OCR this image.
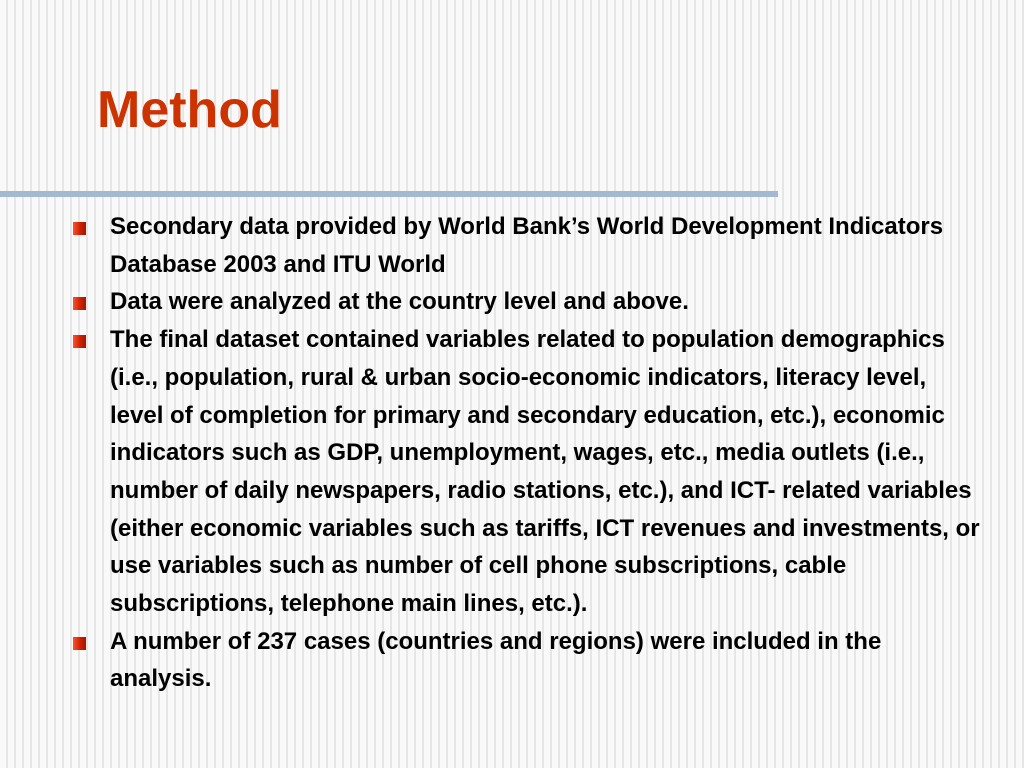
Method
Secondary data provided by World Bank’s World Development Indicators Database 2003 and ITU World
Data were analyzed at the country level and above.
The final dataset contained variables related to population demographics (i.e., population, rural & urban socio-economic indicators, literacy level, level of completion for primary and secondary education, etc.), economic indicators such as GDP, unemployment, wages, etc., media outlets (i.e., number of daily newspapers, radio stations, etc.), and ICT- related variables (either economic variables such as tariffs, ICT revenues and investments, or use variables such as number of cell phone subscriptions, cable subscriptions, telephone main lines, etc.).
A number of 237 cases (countries and regions) were included in the analysis.
